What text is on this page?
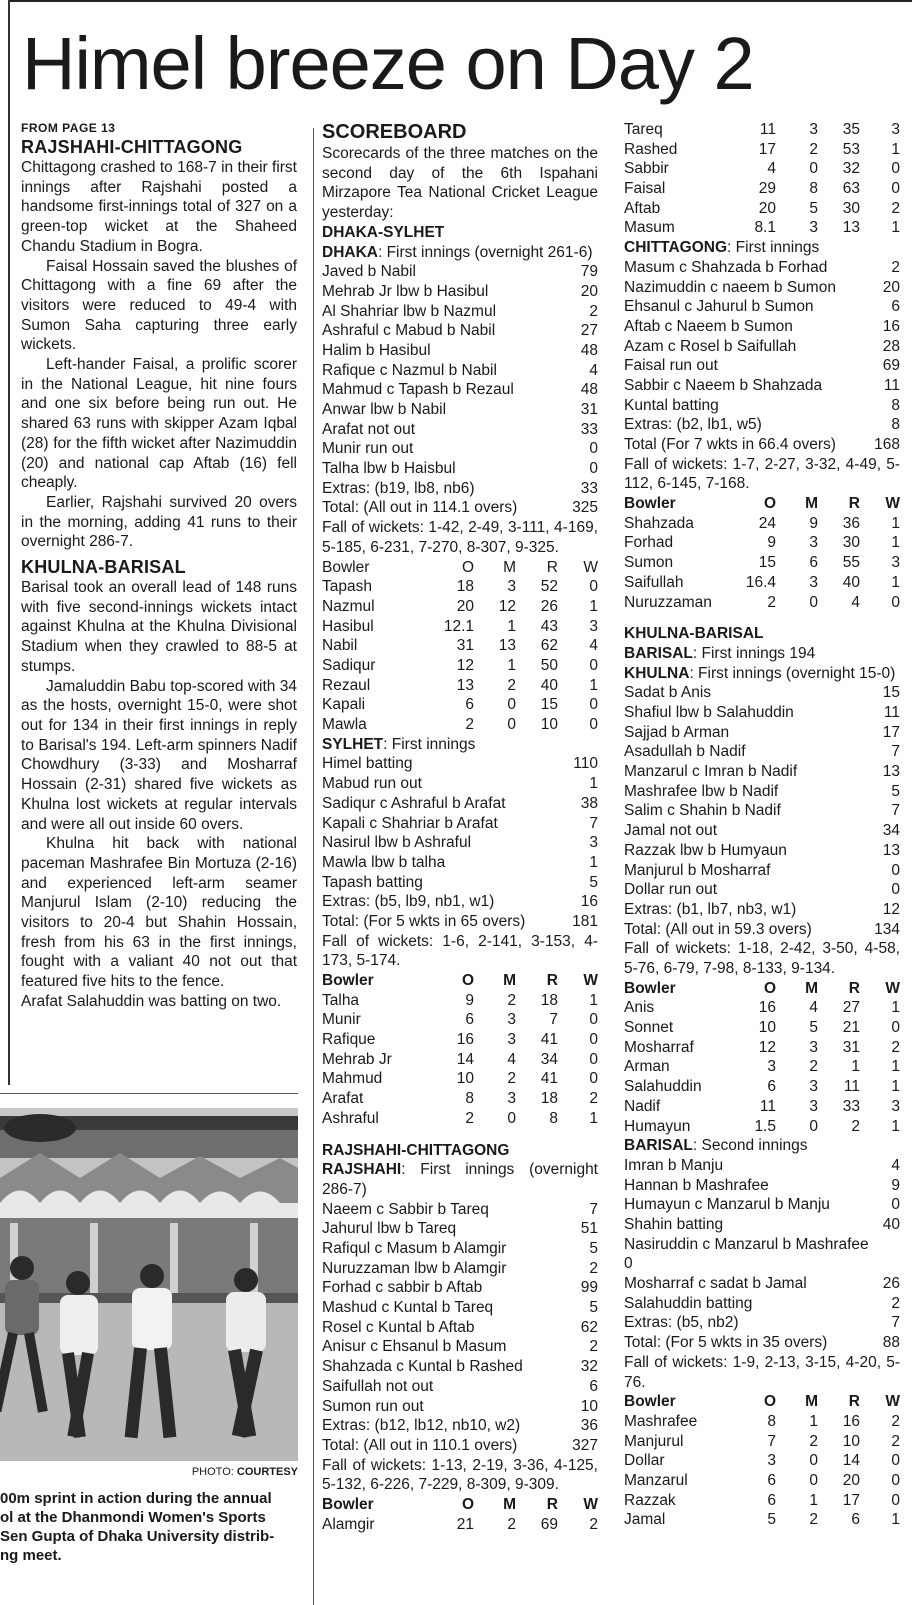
Himel breeze on Day 2
FROM PAGE 13
RAJSHAHI-CHITTAGONG

Chittagong crashed to 168-7 in their first innings after Rajshahi posted a handsome first-innings total of 327 on a green-top wicket at the Shaheed Chandu Stadium in Bogra.

Faisal Hossain saved the blushes of Chittagong with a fine 69 after the visitors were reduced to 49-4 with Sumon Saha capturing three early wickets.

Left-hander Faisal, a prolific scorer in the National League, hit nine fours and one six before being run out. He shared 63 runs with skipper Azam Iqbal (28) for the fifth wicket after Nazimuddin (20) and national cap Aftab (16) fell cheaply.

Earlier, Rajshahi survived 20 overs in the morning, adding 41 runs to their overnight 286-7.

KHULNA-BARISAL

Barisal took an overall lead of 148 runs with five second-innings wickets intact against Khulna at the Khulna Divisional Stadium when they crawled to 88-5 at stumps.

Jamaluddin Babu top-scored with 34 as the hosts, overnight 15-0, were shot out for 134 in their first innings in reply to Barisal's 194. Left-arm spinners Nadif Chowdhury (3-33) and Mosharraf Hossain (2-31) shared five wickets as Khulna lost wickets at regular intervals and were all out inside 60 overs.

Khulna hit back with national paceman Mashrafee Bin Mortuza (2-16) and experienced left-arm seamer Manjurul Islam (2-10) reducing the visitors to 20-4 but Shahin Hossain, fresh from his 63 in the first innings, fought with a valiant 40 not out that featured five hits to the fence.

Arafat Salahuddin was batting on two.

PHOTO: COURTESY
00m sprint in action during the annual
ol at the Dhanmondi Women's Sports
Sen Gupta of Dhaka University distrib-
ng meet.
SCOREBOARD

Scorecards of the three matches on the second day of the 6th Ispahani Mirzapore Tea National Cricket League yesterday:

DHAKA-SYLHET

DHAKA: First innings (overnight 261-6)

Javed b Nabil	79
Mehrab Jr lbw b Hasibul	20
Al Shahriar lbw b Nazmul	2
Ashraful c Mabud b Nabil	27
Halim b Hasibul	48
Rafique c Nazmul b Nabil	4
Mahmud c Tapash b Rezaul	48
Anwar lbw b Nabil	31
Arafat not out	33
Munir run out	0
Talha lbw b Haisbul	0
Extras: (b19, lb8, nb6)	33
Total: (All out in 114.1 overs)	325

Fall of wickets: 1-42, 2-49, 3-111, 4-169, 5-185, 6-231, 7-270, 8-307, 9-325.

Bowler	O	M	R	W
Tapash	18	3	52	0
Nazmul	20	12	26	1
Hasibul	12.1	1	43	3
Nabil	31	13	62	4
Sadiqur	12	1	50	0
Rezaul	13	2	40	1
Kapali	6	0	15	0
Mawla	2	0	10	0

SYLHET: First innings

Himel batting	110
Mabud run out	1
Sadiqur c Ashraful b Arafat	38
Kapali c Shahriar b Arafat	7
Nasirul lbw b Ashraful	3
Mawla lbw b talha	1
Tapash batting	5
Extras: (b5, lb9, nb1, w1)	16
Total: (For 5 wkts in 65 overs)	181

Fall of wickets: 1-6, 2-141, 3-153, 4-173, 5-174.

Bowler	O	M	R	W
Talha	9	2	18	1
Munir	6	3	7	0
Rafique	16	3	41	0
Mehrab Jr	14	4	34	0
Mahmud	10	2	41	0
Arafat	8	3	18	2
Ashraful	2	0	8	1
RAJSHAHI-CHITTAGONG

RAJSHAHI: First innings (overnight 286-7)

Naeem c Sabbir b Tareq	7
Jahurul lbw b Tareq	51
Rafiqul c Masum b Alamgir	5
Nuruzzaman lbw b Alamgir	2
Forhad c sabbir b Aftab	99
Mashud c Kuntal b Tareq	5
Rosel c Kuntal b Aftab	62
Anisur c Ehsanul b Masum	2
Shahzada c Kuntal b Rashed	32
Saifullah not out	6
Sumon run out	10
Extras: (b12, lb12, nb10, w2)	36
Total: (All out in 110.1 overs)	327

Fall of wickets: 1-13, 2-19, 3-36, 4-125, 5-132, 6-226, 7-229, 8-309, 9-309.

Bowler	O	M	R	W
Alamgir	21	2	69	2
Tareq	11	3	35	3
Rashed	17	2	53	1
Sabbir	4	0	32	0
Faisal	29	8	63	0
Aftab	20	5	30	2
Masum	8.1	3	13	1

CHITTAGONG: First innings

Masum c Shahzada b Forhad	2
Nazimuddin c naeem b Sumon	20
Ehsanul c Jahurul b Sumon	6
Aftab c Naeem b Sumon	16
Azam c Rosel b Saifullah	28
Faisal run out	69
Sabbir c Naeem b Shahzada	11
Kuntal batting	8
Extras: (b2, lb1, w5)	8
Total (For 7 wkts in 66.4 overs)	168

Fall of wickets: 1-7, 2-27, 3-32, 4-49, 5-112, 6-145, 7-168.

Bowler	O	M	R	W
Shahzada	24	9	36	1
Forhad	9	3	30	1
Sumon	15	6	55	3
Saifullah	16.4	3	40	1
Nuruzzaman	2	0	4	0
KHULNA-BARISAL

BARISAL: First innings 194

KHULNA: First innings (overnight 15-0)

Sadat b Anis	15
Shafiul lbw b Salahuddin	11
Sajjad b Arman	17
Asadullah b Nadif	7
Manzarul c Imran b Nadif	13
Mashrafee lbw b Nadif	5
Salim c Shahin b Nadif	7
Jamal not out	34
Razzak lbw b Humyaun	13
Manjurul b Mosharraf	0
Dollar run out	0
Extras: (b1, lb7, nb3, w1)	12
Total: (All out in 59.3 overs)	134

Fall of wickets: 1-18, 2-42, 3-50, 4-58, 5-76, 6-79, 7-98, 8-133, 9-134.

Bowler	O	M	R	W
Anis	16	4	27	1
Sonnet	10	5	21	0
Mosharraf	12	3	31	2
Arman	3	2	1	1
Salahuddin	6	3	11	1
Nadif	11	3	33	3
Humayun	1.5	0	2	1

BARISAL: Second innings

Imran b Manju	4
Hannan b Mashrafee	9
Humayun c Manzarul b Manju	0
Shahin batting	40
Nasiruddin c Manzarul b Mashrafee
0
Mosharraf c sadat b Jamal	26
Salahuddin batting	2
Extras: (b5, nb2)	7
Total: (For 5 wkts in 35 overs)	88

Fall of wickets: 1-9, 2-13, 3-15, 4-20, 5-76.

Bowler	O	M	R	W
Mashrafee	8	1	16	2
Manjurul	7	2	10	2
Dollar	3	0	14	0
Manzarul	6	0	20	0
Razzak	6	1	17	0
Jamal	5	2	6	1
